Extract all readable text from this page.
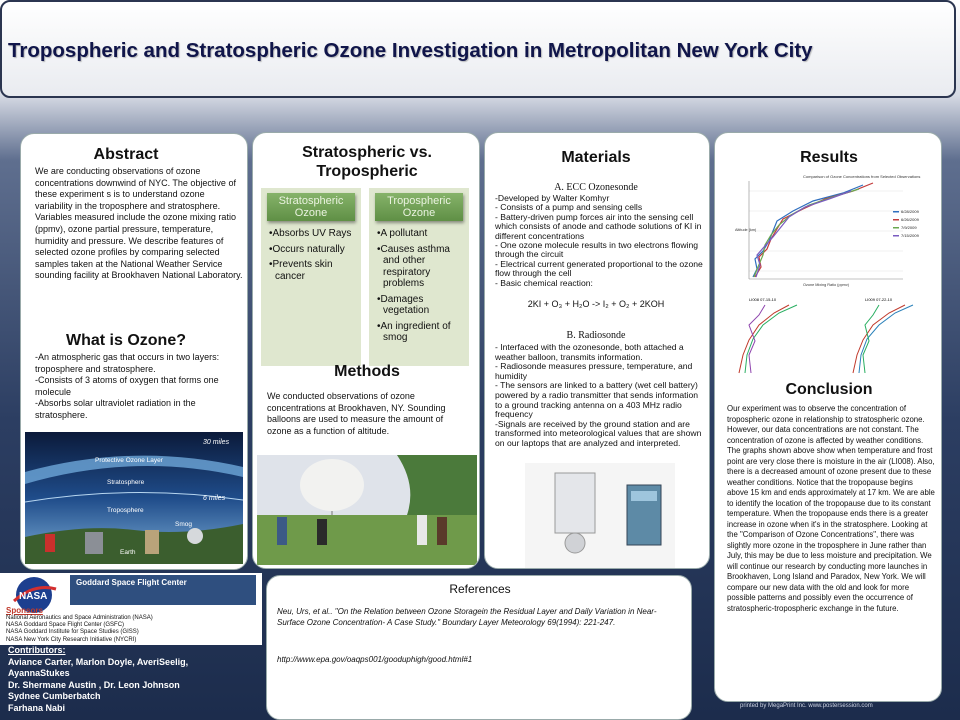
Tropospheric and Stratospheric Ozone Investigation in Metropolitan New York City
Abstract

We are conducting observations of ozone concentrations downwind of NYC. The objective of these experiment s is to understand ozone variability in the troposphere and stratosphere. Variables measured include the ozone mixing ratio (ppmv), ozone partial pressure, temperature, humidity and pressure. We describe features of selected ozone profiles by comparing selected samples taken at the National Weather Service sounding facility at Brookhaven National Laboratory.

What is Ozone?

-An atmospheric gas that occurs in two layers: troposphere and stratosphere.

-Consists of 3 atoms of oxygen that forms one molecule

-Absorbs solar ultraviolet radiation in the stratosphere.

30 miles
Protective Ozone Layer
Stratosphere
Troposphere
6 miles
Smog
Earth
Stratospheric vs. Tropospheric
Stratospheric Ozone
• Absorbs UV Rays
• Occurs naturally
• Prevents skin cancer
Tropospheric Ozone
• A pollutant
• Causes asthma and other respiratory problems
• Damages vegetation
• An ingredient of smog
Methods

We conducted observations of ozone concentrations at Brookhaven, NY. Sounding balloons are used to measure the amount of ozone as a function of altitude.

Materials

A. ECC Ozonesonde

-Developed by Walter Komhyr

- Consists of a pump and sensing cells

- Battery-driven pump forces air into the sensing cell which consists of anode and cathode solutions of KI in different concentrations

- One ozone molecule results in two electrons flowing through the circuit

- Electrical current generated proportional to the ozone flow through the cell

- Basic chemical reaction:

2KI + O₃ + H₂O -> I₂ + O₂ + 2KOH

B. Radiosonde

- Interfaced with the ozonesonde, both attached a weather balloon, transmits information.

- Radiosonde measures pressure, temperature, and humidity

- The sensors are linked to a battery (wet cell battery) powered by a radio transmitter that sends information to a ground tracking antenna on a 403 MHz radio frequency

-Signals are received by the ground station and are transformed into meteorological values that are shown on our laptops that are analyzed and interpreted.

Results
Comparison of Ozone Concentrations from Selected Observations
6/28/2009
6/26/2009
7/9/2009
7/15/2009
Altitude (km)
Ozone Mixing Ratio (ppmv)
LI008 07-15-10	LI009 07-22-10
Conclusion

Our experiment was to observe the concentration of tropospheric ozone in relationship to stratospheric ozone. However, our data concentrations are not constant. The concentration of ozone is affected by weather conditions. The graphs shown above show when temperature and frost point are very close there is moisture in the air (LI008). Also, there is a decreased amount of ozone present due to these weather conditions. Notice that the tropopause begins above 15 km and ends approximately at 17 km. We are able to identify the location of the tropopause due to its constant temperature. When the tropopause ends there is a greater increase in ozone when it's in the stratosphere. Looking at the "Comparison of Ozone Concentrations", there was slightly more ozone in the troposphere in June rather than July, this may be due to less moisture and precipitation. We will continue our research by conducting more launches in Brookhaven, Long Island and Paradox, New York. We will compare our new data with the old and look for more possible patterns and possibly even the occurrence of stratospheric-tropospheric exchange in the future.

References

Neu, Urs, et al.. "On the Relation between Ozone Storagein the Residual Layer and Daily Variation in Near-Surface Ozone Concentration- A Case Study." Boundary Layer Meteorology 69(1994): 221-247.

http://www.epa.gov/oaqps001/gooduphigh/good.html#1

NASA
Goddard Space Flight Center

Sponsors

National Aeronautics and Space Administration (NASA)

NASA Goddard Space Flight Center (GSFC)

NASA Goddard Institute for Space Studies (GISS)

NASA New York City Research Initiative (NYCRI)

Contributors:

Aviance Carter, Marlon Doyle, AveriSeelig,

AyannaStukes

Dr. Shermane Austin , Dr. Leon Johnson

Sydnee Cumberbatch

Farhana Nabi	printed by MegaPrint Inc. www.postersession.com
